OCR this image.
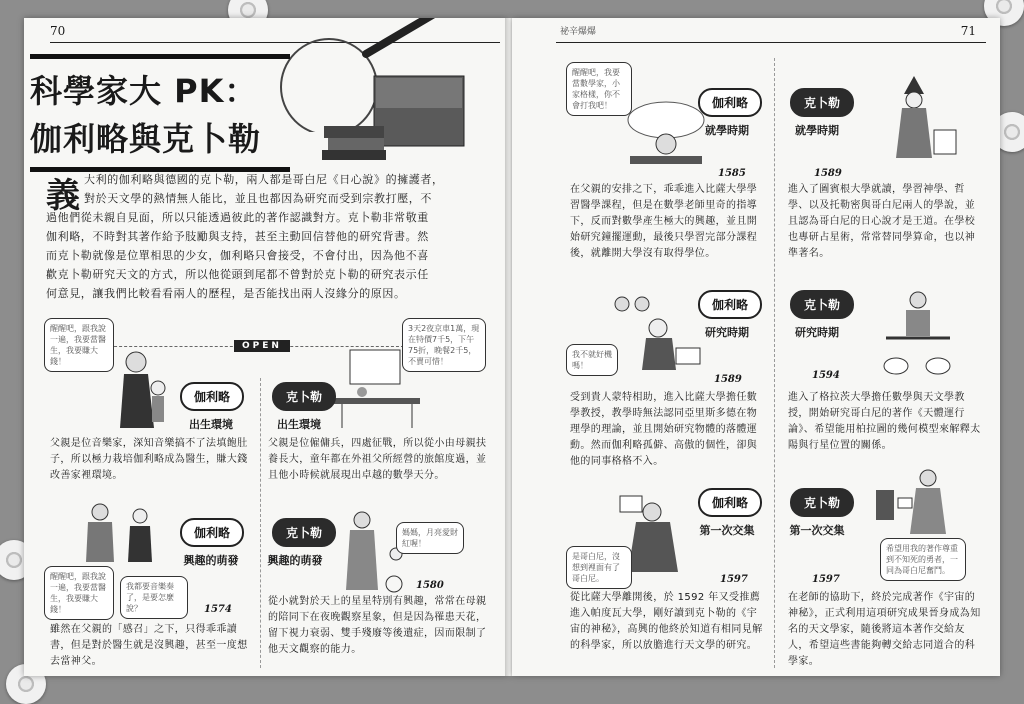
70
科學家大 PK：
伽利略與克卜勒
義 大利的伽利略與德國的克卜勒，兩人都是哥白尼《日心說》的擁護者，
對於天文學的熱情無人能比，並且也都因為研究而受到宗教打壓，不
過他們從未親自見面，所以只能透過彼此的著作認識對方。克卜勒非常敬重
伽利略，不時對其著作給予肢勵與支持，甚至主動回信替他的研究背書。然
而克卜勒就像是位單相思的少女，伽利略只會接受，不會付出，因為他不喜
歡克卜勒研究天文的方式，所以他從頭到尾都不曾對於克卜勒的研究表示任
何意見，讓我們比較看看兩人的歷程，是否能找出兩人沒緣分的原因。
OPEN
醒醒吧，跟我說一遍，我要當醫生，我要賺大錢！
3天2夜京車1萬，現在特價7千5，下午75折，晚餐2千5，不賣可惜！
伽利略
出生環境
克卜勒
出生環境
父親是位音樂家，深知音樂搞不了法填飽肚子，所以極力栽培伽利略成為醫生，賺大錢改善家裡環境。
父親是位僱傭兵，四處征戰，所以從小由母親扶養長大，童年都在外祖父所經營的旅館度過，並且他小時候就展現出卓越的數學天分。
伽利略
興趣的萌發
克卜勒
興趣的萌發
醒醒吧，跟我說一遍，我要當醫生，我要賺大錢！
我都要音樂奏了，是要怎麼說？
媽媽，月亮愛財紅喔！
1574
1580
雖然在父親的「感召」之下，只得乖乖讀書，但是對於醫生就是沒興趣，甚至一度想去當神父。
從小就對於天上的星星特別有興趣，常常在母親的陪同下在夜晚觀察星象，但是因為罹患天花，留下視力衰弱、雙手殘廢等後遺症，因而限制了他天文觀察的能力。
祕辛爆爆	71
醒醒吧，我要當數學家，小家格樣，你不會打我吧！	伽利略
就學時期
1585
克卜勒
就學時期
1589
在父親的安排之下，乖乖進入比薩大學學習醫學課程，但是在數學老師里奇的指導下，反而對數學產生極大的興趣，並且開始研究鐘擺運動，最後只學習完部分課程後，就離開大學沒有取得學位。
進入了圖賓根大學就讀，學習神學、哲學、以及托勒密與哥白尼兩人的學說，並且認為哥白尼的日心說才是王道。在學校也專研占星術，常常替同學算命，也以神準著名。
我不就好機嗎！
伽利略
研究時期
1589
克卜勒
研究時期
1594
受到貴人蒙特相助，進入比薩大學擔任數學教授，教學時無法認同亞里斯多德在物理學的理論，並且開始研究物體的落體運動。然而伽利略孤僻、高傲的個性，卻與他的同事格格不入。
進入了格拉茨大學擔任數學與天文學教授，開始研究哥白尼的著作《天體運行論》、希望能用柏拉圖的幾何模型來解釋太陽與行星位置的關係。
是哥白尼，沒想到裡面有了哥白尼。
伽利略
第一次交集
1597
克卜勒
第一次交集
希望用我的著作尊重到不知死的勇者，一同為哥白尼奮鬥。
1597
從比薩大學離開後，於 1592 年又受推薦進入帕度瓦大學，剛好讀到克卜勒的《宇宙的神秘》，高興的他終於知道有相同見解的科學家，所以放膽進行天文學的研究。
在老師的協助下，終於完成著作《宇宙的神秘》，正式利用這項研究成果晉身成為知名的天文學家，隨後將這本著作交給友人，希望這些書能夠轉交給志同道合的科學家。
